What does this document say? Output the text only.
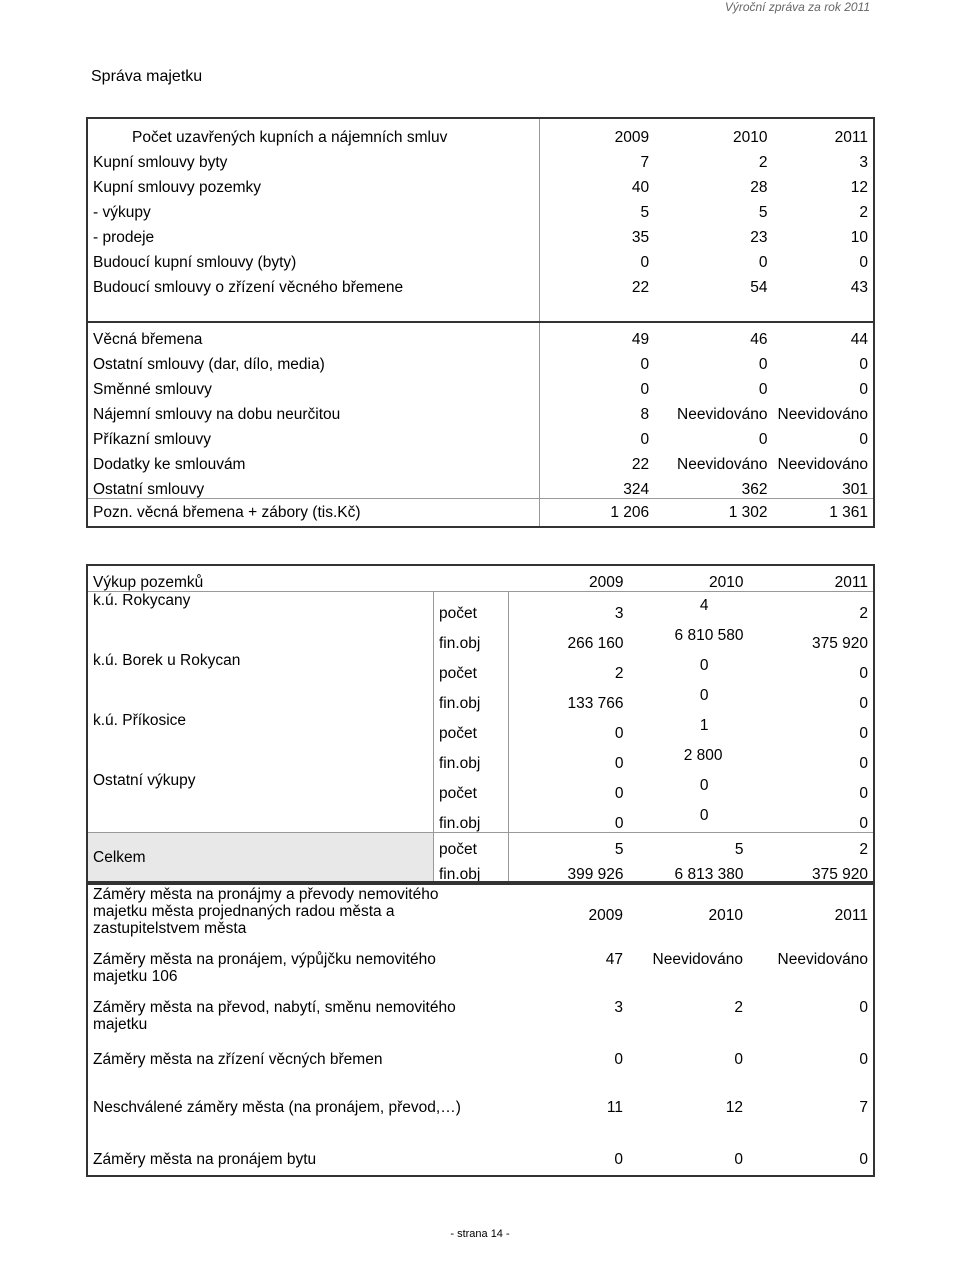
Výroční zpráva za rok 2011
Správa majetku
Počet uzavřených kupních a nájemních smluv	2009	2010	2011
Kupní smlouvy byty	7	2	3
Kupní smlouvy pozemky	40	28	12
- výkupy	5	5	2
- prodeje	35	23	10
Budoucí kupní smlouvy (byty)	0	0	0
Budoucí smlouvy o zřízení věcného břemene	22	54	43

Věcná břemena	49	46	44
Ostatní smlouvy (dar, dílo, media)	0	0	0
Směnné smlouvy	0	0	0
Nájemní smlouvy na dobu neurčitou	8	Neevidováno	Neevidováno
Příkazní smlouvy	0	0	0
Dodatky ke smlouvám	22	Neevidováno	Neevidováno
Ostatní smlouvy	324	362	301
Pozn. věcná břemena + zábory (tis.Kč)	1 206	1 302	1 361
Výkup pozemků		2009	2010	2011
k.ú. Rokycany	počet	3	4	2
	fin.obj	266 160	6 810 580	375 920
k.ú. Borek u Rokycan	počet	2	0	0
	fin.obj	133 766	0	0
k.ú. Příkosice	počet	0	1	0
	fin.obj	0	2 800	0
Ostatní výkupy	počet	0	0	0
	fin.obj	0	0	0
Celkem	počet	5	5	2
	fin.obj	399 926	6 813 380	375 920
Záměry města na pronájmy a převody nemovitého majetku města projednaných radou města a zastupitelstvem města	2009	2010	2011
Záměry města na pronájem, výpůjčku nemovitého majetku 106	47	Neevidováno	Neevidováno
Záměry města na převod, nabytí, směnu nemovitého majetku	3	2	0
Záměry města na zřízení věcných břemen	0	0	0
Neschválené záměry města (na pronájem, převod,…)	11	12	7
Záměry města na pronájem bytu	0	0	0
- strana 14 -
